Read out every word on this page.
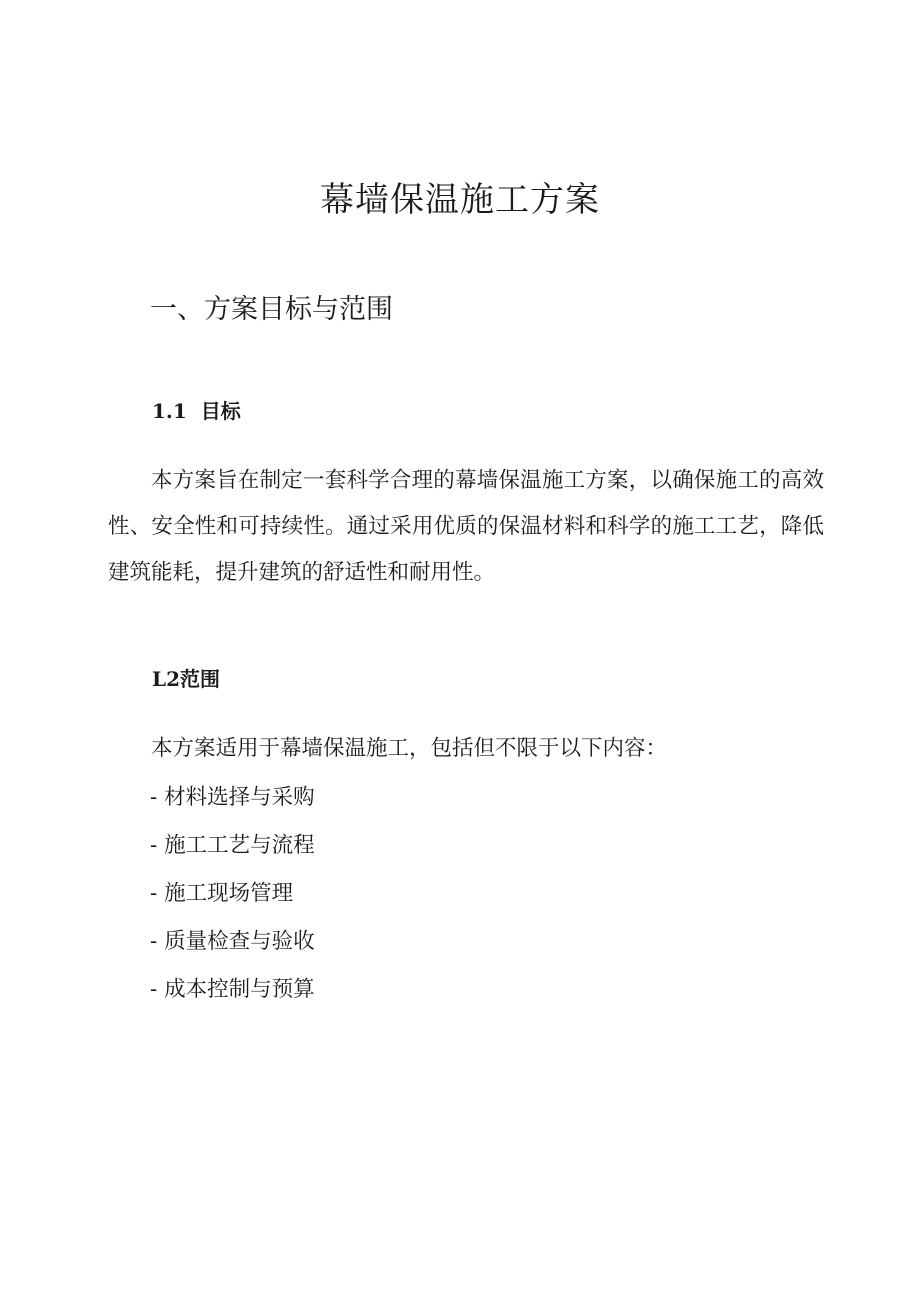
幕墙保温施工方案
一、方案目标与范围
1.1  目标

本方案旨在制定一套科学合理的幕墙保温施工方案，以确保施工的高效性、安全性和可持续性。通过采用优质的保温材料和科学的施工工艺，降低建筑能耗，提升建筑的舒适性和耐用性。

L2范围

本方案适用于幕墙保温施工，包括但不限于以下内容：

- 材料选择与采购
- 施工工艺与流程
- 施工现场管理
- 质量检查与验收
- 成本控制与预算
